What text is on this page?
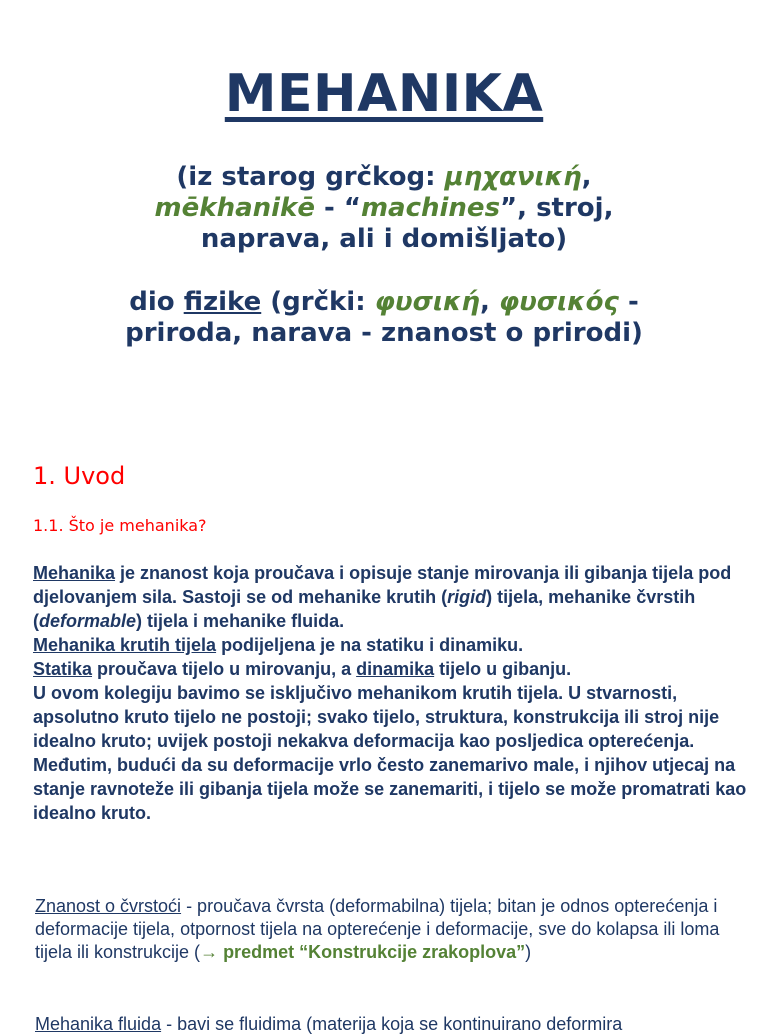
MEHANIKA
(iz starog grčkog: μηχανική,
mēkhanikē - “machines”, stroj,
naprava, ali i domišljato)
dio fizike (grčki: φυσική, φυσικός -
priroda, narava - znanost o prirodi)
1. Uvod
1.1. Što je mehanika?
Mehanika je znanost koja proučava i opisuje stanje mirovanja ili gibanja tijela pod djelovanjem sila. Sastoji se od mehanike krutih (rigid) tijela, mehanike čvrstih (deformable) tijela i mehanike fluida.
Mehanika krutih tijela podijeljena je na statiku i dinamiku.
Statika proučava tijelo u mirovanju, a dinamika tijelo u gibanju.
U ovom kolegiju bavimo se isključivo mehanikom krutih tijela. U stvarnosti, apsolutno kruto tijelo ne postoji; svako tijelo, struktura, konstrukcija ili stroj nije idealno kruto; uvijek postoji nekakva deformacija kao posljedica opterećenja.
Međutim, budući da su deformacije vrlo često zanemarivo male, i njihov utjecaj na stanje ravnoteže ili gibanja tijela može se zanemariti, i tijelo se može promatrati kao idealno kruto.
Znanost o čvrstoći - proučava čvrsta (deformabilna) tijela; bitan je odnos opterećenja i deformacije tijela, otpornost tijela na opterećenje i deformacije, sve do kolapsa ili loma tijela ili konstrukcije (→ predmet “Konstrukcije zrakoplova”)
Mehanika fluida - bavi se fluidima (materija koja se kontinuirano deformira
